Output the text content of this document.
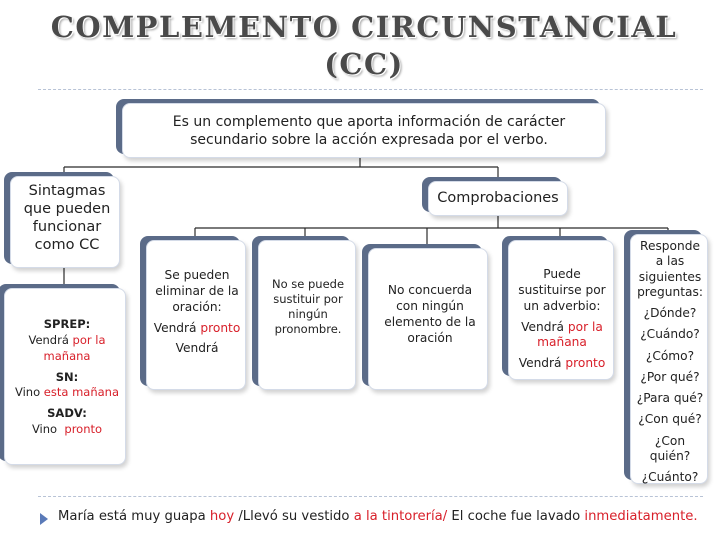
COMPLEMENTO CIRCUNSTANCIAL
(CC)

Es un complemento que aporta información de carácter

secundario sobre la acción expresada por el verbo.

Sintagmas que pueden funcionar como CC

SPREP:

Vendrá por la mañana

SN:

Vino esta mañana

SADV:

Vino pronto

Comprobaciones

Se pueden eliminar de la oración:

Vendrá pronto

Vendrá

No se puede sustituir por ningún pronombre.

No concuerda con ningún elemento de la oración

Puede sustituirse por un adverbio:

Vendrá por la mañana

Vendrá pronto

Responde a las siguientes preguntas:

¿Dónde?

¿Cuándo?

¿Cómo?

¿Por qué?

¿Para qué?

¿Con qué?

¿Con quién?

¿Cuánto?

María está muy guapa hoy /Llevó su vestido a la tintorería/ El coche fue lavado inmediatamente.
